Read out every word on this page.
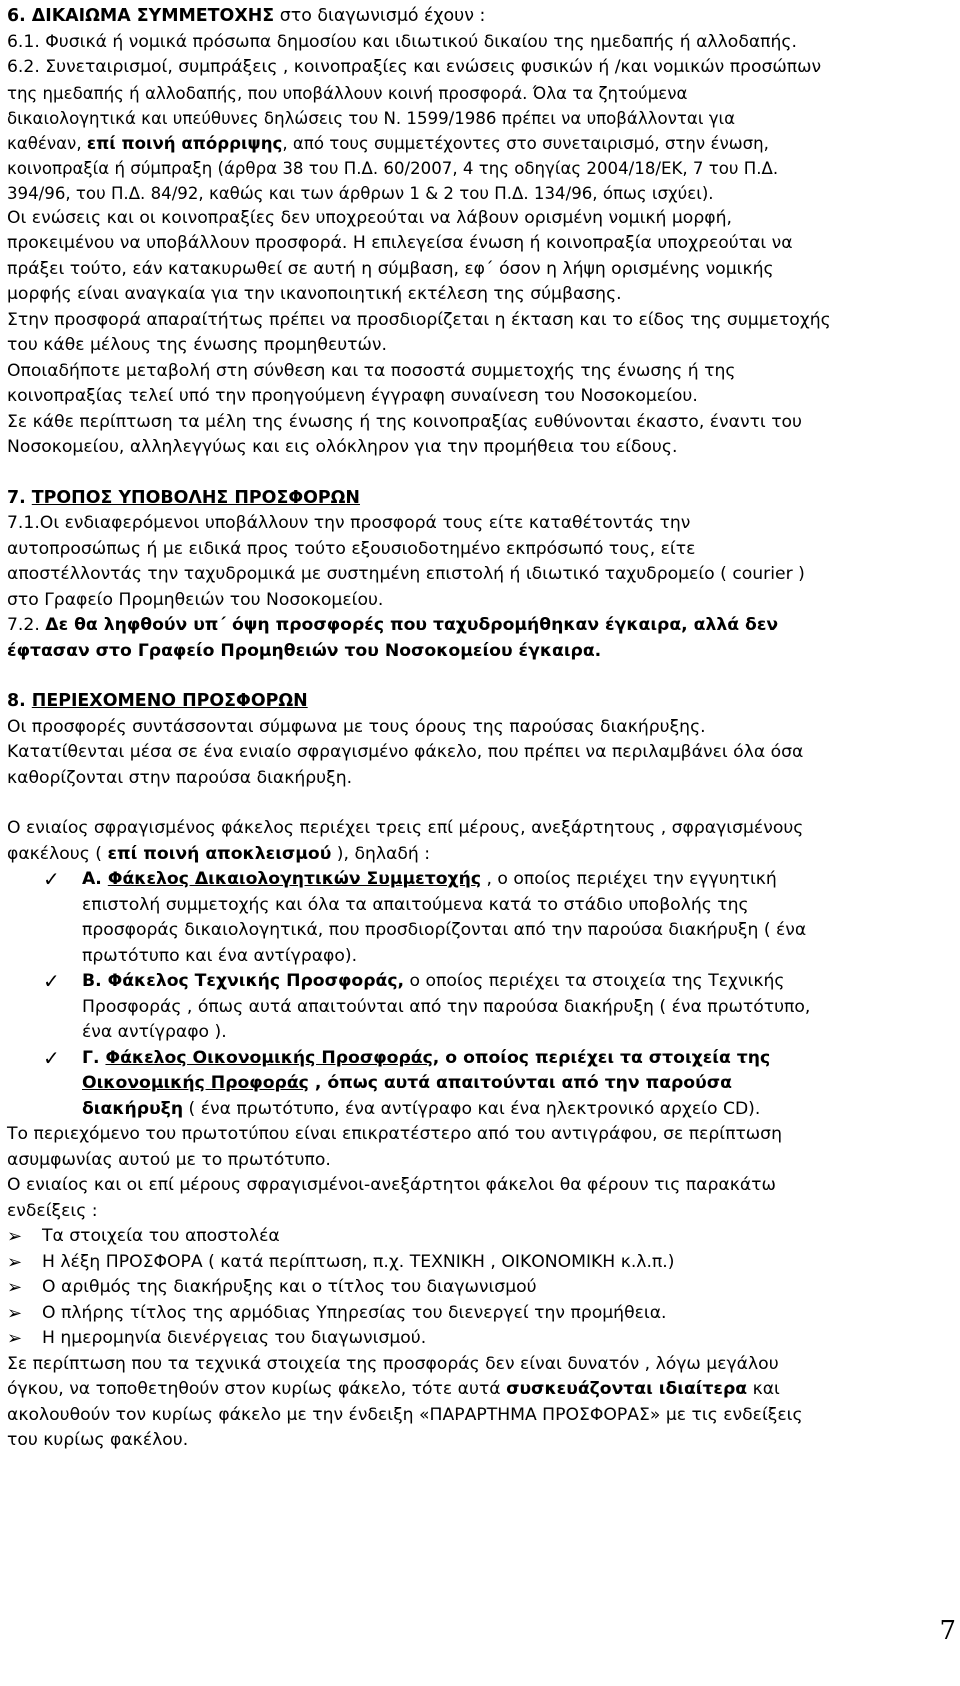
6. ΔΙΚΑΙΩΜΑ ΣΥΜΜΕΤΟΧΗΣ στο διαγωνισμό έχουν :
6.1. Φυσικά ή νομικά πρόσωπα δημοσίου και ιδιωτικού δικαίου της ημεδαπής ή αλλοδαπής.
6.2. Συνεταιρισμοί, συμπράξεις , κοινοπραξίες και ενώσεις φυσικών ή /και νομικών προσώπων
της ημεδαπής ή αλλοδαπής, που υποβάλλουν κοινή προσφορά. Όλα τα ζητούμενα
δικαιολογητικά και υπεύθυνες δηλώσεις του Ν. 1599/1986 πρέπει να υποβάλλονται για
καθέναν, επί ποινή απόρριψης, από τους συμμετέχοντες στο συνεταιρισμό, στην ένωση,
κοινοπραξία ή σύμπραξη (άρθρα 38 του Π.Δ. 60/2007, 4 της οδηγίας 2004/18/ΕΚ, 7 του Π.Δ.
394/96, του Π.Δ. 84/92, καθώς και των άρθρων 1 & 2 του Π.Δ. 134/96, όπως ισχύει).
Οι ενώσεις και οι κοινοπραξίες δεν υποχρεούται να λάβουν ορισμένη νομική μορφή,
προκειμένου να υποβάλλουν προσφορά. Η επιλεγείσα ένωση ή κοινοπραξία υποχρεούται να
πράξει τούτο, εάν κατακυρωθεί σε αυτή η σύμβαση, εφ΄ όσον η λήψη ορισμένης νομικής
μορφής είναι αναγκαία για την ικανοποιητική εκτέλεση της σύμβασης.
Στην προσφορά απαραίτήτως πρέπει να προσδιορίζεται η έκταση και το είδος της συμμετοχής
του κάθε μέλους της ένωσης προμηθευτών.
Οποιαδήποτε μεταβολή στη σύνθεση και τα ποσοστά συμμετοχής της ένωσης ή της
κοινοπραξίας τελεί υπό την προηγούμενη έγγραφη συναίνεση του Νοσοκομείου.
Σε κάθε περίπτωση τα μέλη της ένωσης ή της κοινοπραξίας ευθύνονται έκαστο, έναντι του
Νοσοκομείου, αλληλεγγύως και εις ολόκληρον για την προμήθεια του είδους.
7. ΤΡΟΠΟΣ ΥΠΟΒΟΛΗΣ ΠΡΟΣΦΟΡΩΝ
7.1.Οι ενδιαφερόμενοι υποβάλλουν την προσφορά τους είτε καταθέτοντάς την
αυτοπροσώπως ή με ειδικά προς τούτο εξουσιοδοτημένο εκπρόσωπό τους, είτε
αποστέλλοντάς την ταχυδρομικά με συστημένη επιστολή ή ιδιωτικό ταχυδρομείο ( courier )
στο Γραφείο Προμηθειών του Νοσοκομείου.
7.2. Δε θα ληφθούν υπ΄ όψη προσφορές που ταχυδρομήθηκαν έγκαιρα, αλλά δεν
έφτασαν στο Γραφείο Προμηθειών του Νοσοκομείου έγκαιρα.
8. ΠΕΡΙΕΧΟΜΕΝΟ ΠΡΟΣΦΟΡΩΝ
Οι προσφορές συντάσσονται σύμφωνα με τους όρους της παρούσας διακήρυξης.
Κατατίθενται μέσα σε ένα ενιαίο σφραγισμένο φάκελο, που πρέπει να περιλαμβάνει όλα όσα
καθορίζονται στην παρούσα διακήρυξη.
Ο ενιαίος σφραγισμένος φάκελος περιέχει τρεις επί μέρους, ανεξάρτητους , σφραγισμένους
φακέλους ( επί ποινή αποκλεισμού ), δηλαδή :
✓ Α. Φάκελος Δικαιολογητικών Συμμετοχής , ο οποίος περιέχει την εγγυητική
επιστολή συμμετοχής και όλα τα απαιτούμενα κατά το στάδιο υποβολής της
προσφοράς δικαιολογητικά, που προσδιορίζονται από την παρούσα διακήρυξη ( ένα
πρωτότυπο και ένα αντίγραφο).
✓ Β. Φάκελος Τεχνικής Προσφοράς, ο οποίος περιέχει τα στοιχεία της Τεχνικής
Προσφοράς , όπως αυτά απαιτούνται από την παρούσα διακήρυξη ( ένα πρωτότυπο,
ένα αντίγραφο ).
✓ Γ. Φάκελος Οικονομικής Προσφοράς, ο οποίος περιέχει τα στοιχεία της
Οικονομικής Προφοράς , όπως αυτά απαιτούνται από την παρούσα
διακήρυξη ( ένα πρωτότυπο, ένα αντίγραφο και ένα ηλεκτρονικό αρχείο CD).
Το περιεχόμενο του πρωτοτύπου είναι επικρατέστερο από του αντιγράφου, σε περίπτωση
ασυμφωνίας αυτού με το πρωτότυπο.
Ο ενιαίος και οι επί μέρους σφραγισμένοι-ανεξάρτητοι φάκελοι θα φέρουν τις παρακάτω
ενδείξεις :
➢ Τα στοιχεία του αποστολέα
➢ Η λέξη ΠΡΟΣΦΟΡΑ ( κατά περίπτωση, π.χ. ΤΕΧΝΙΚΗ , ΟΙΚΟΝΟΜΙΚΗ κ.λ.π.)
➢ Ο αριθμός της διακήρυξης και ο τίτλος του διαγωνισμού
➢ Ο πλήρης τίτλος της αρμόδιας Υπηρεσίας του διενεργεί την προμήθεια.
➢ Η ημερομηνία διενέργειας του διαγωνισμού.
Σε περίπτωση που τα τεχνικά στοιχεία της προσφοράς δεν είναι δυνατόν , λόγω μεγάλου
όγκου, να τοποθετηθούν στον κυρίως φάκελο, τότε αυτά συσκευάζονται ιδιαίτερα και
ακολουθούν τον κυρίως φάκελο με την ένδειξη «ΠΑΡΑΡΤΗΜΑ ΠΡΟΣΦΟΡΑΣ» με τις ενδείξεις
του κυρίως φακέλου.
7
